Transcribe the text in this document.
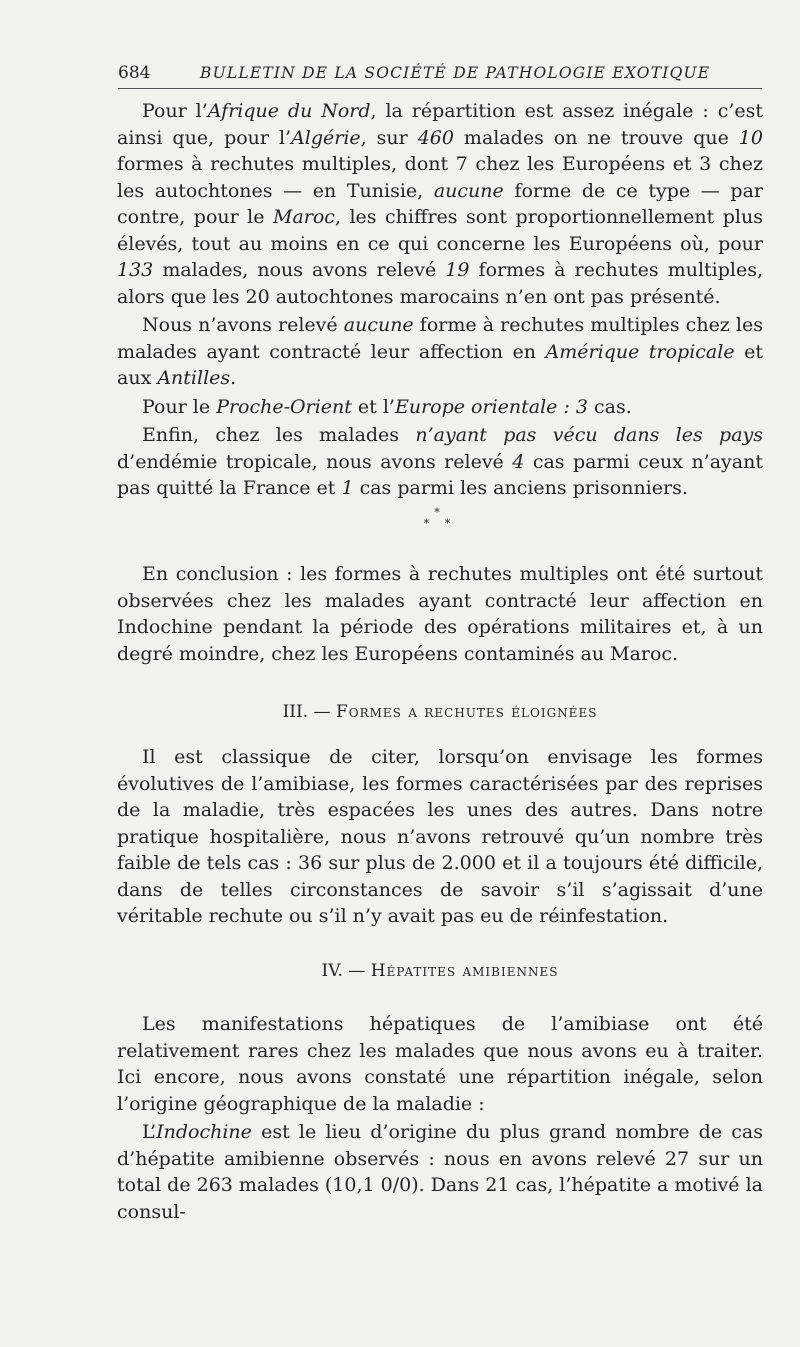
684	BULLETIN DE LA SOCIÉTÉ DE PATHOLOGIE EXOTIQUE

Pour l’Afrique du Nord, la répartition est assez inégale : c’est ainsi que, pour l’Algérie, sur 460 malades on ne trouve que 10 formes à rechutes multiples, dont 7 chez les Européens et 3 chez les autochtones — en Tunisie, aucune forme de ce type — par contre, pour le Maroc, les chiffres sont proportionnellement plus élevés, tout au moins en ce qui concerne les Européens où, pour 133 malades, nous avons relevé 19 formes à rechutes multiples, alors que les 20 autochtones marocains n’en ont pas présenté.

Nous n’avons relevé aucune forme à rechutes multiples chez les malades ayant contracté leur affection en Amérique tropicale et aux Antilles.

Pour le Proche-Orient et l’Europe orientale : 3 cas.

Enfin, chez les malades n’ayant pas vécu dans les pays d’endémie tropicale, nous avons relevé 4 cas parmi ceux n’ayant pas quitté la France et 1 cas parmi les anciens prisonniers.

*
* *

En conclusion : les formes à rechutes multiples ont été surtout observées chez les malades ayant contracté leur affection en Indochine pendant la période des opérations militaires et, à un degré moindre, chez les Européens contaminés au Maroc.

III. — Formes a rechutes éloignées

Il est classique de citer, lorsqu’on envisage les formes évolutives de l’amibiase, les formes caractérisées par des reprises de la maladie, très espacées les unes des autres. Dans notre pratique hospitalière, nous n’avons retrouvé qu’un nombre très faible de tels cas : 36 sur plus de 2.000 et il a toujours été difficile, dans de telles circonstances de savoir s’il s’agissait d’une véritable rechute ou s’il n’y avait pas eu de réinfestation.

IV. — Hépatites amibiennes

Les manifestations hépatiques de l’amibiase ont été relativement rares chez les malades que nous avons eu à traiter. Ici encore, nous avons constaté une répartition inégale, selon l’origine géographique de la maladie :

L’Indochine est le lieu d’origine du plus grand nombre de cas d’hépatite amibienne observés : nous en avons relevé 27 sur un total de 263 malades (10,1 0/0). Dans 21 cas, l’hépatite a motivé la consul-
